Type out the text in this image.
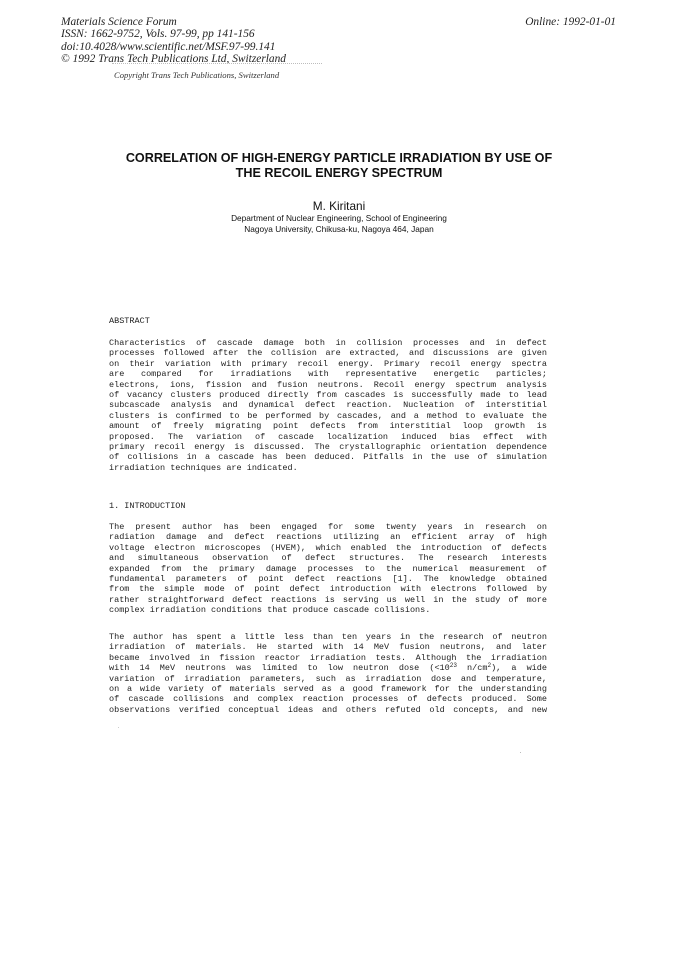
Materials Science Forum
ISSN: 1662-9752, Vols. 97-99, pp 141-156
doi:10.4028/www.scientific.net/MSF.97-99.141
© 1992 Trans Tech Publications Ltd, Switzerland
Online: 1992-01-01
Copyright Trans Tech Publications, Switzerland
CORRELATION OF HIGH-ENERGY PARTICLE IRRADIATION BY USE OF
THE RECOIL ENERGY SPECTRUM
M. Kiritani
Department of Nuclear Engineering, School of Engineering
Nagoya University, Chikusa-ku, Nagoya 464, Japan
ABSTRACT
Characteristics of cascade damage both in collision processes and in defect
processes followed after the collision are extracted, and discussions are given
on their variation with primary recoil energy. Primary recoil energy spectra
are compared for irradiations with representative energetic particles;
electrons, ions, fission and fusion neutrons. Recoil energy spectrum analysis
of vacancy clusters produced directly from cascades is successfully made to lead
subcascade analysis and dynamical defect reaction. Nucleation of interstitial
clusters is confirmed to be performed by cascades, and a method to evaluate the
amount of freely migrating point defects from interstitial loop growth is
proposed. The variation of cascade localization induced bias effect with
primary recoil energy is discussed. The crystallographic orientation dependence
of collisions in a cascade has been deduced. Pitfalls in the use of simulation
irradiation techniques are indicated.
1. INTRODUCTION
The present author has been engaged for some twenty years in research on
radiation damage and defect reactions utilizing an efficient array of high
voltage electron microscopes (HVEM), which enabled the introduction of defects
and simultaneous observation of defect structures. The research interests
expanded from the primary damage processes to the numerical measurement of
fundamental parameters of point defect reactions [1]. The knowledge obtained
from the simple mode of point defect introduction with electrons followed by
rather straightforward defect reactions is serving us well in the study of more
complex irradiation conditions that produce cascade collisions.
The author has spent a little less than ten years in the research of neutron
irradiation of materials. He started with 14 MeV fusion neutrons, and later
became involved in fission reactor irradiation tests. Although the irradiation
with 14 MeV neutrons was limited to low neutron dose ($<10^{23}$ $n/cm^2$), a wide
variation of irradiation parameters, such as irradiation dose and temperature,
on a wide variety of materials served as a good framework for the understanding
of cascade collisions and complex reaction processes of defects produced. Some
observations verified conceptual ideas and others refuted old concepts, and new
